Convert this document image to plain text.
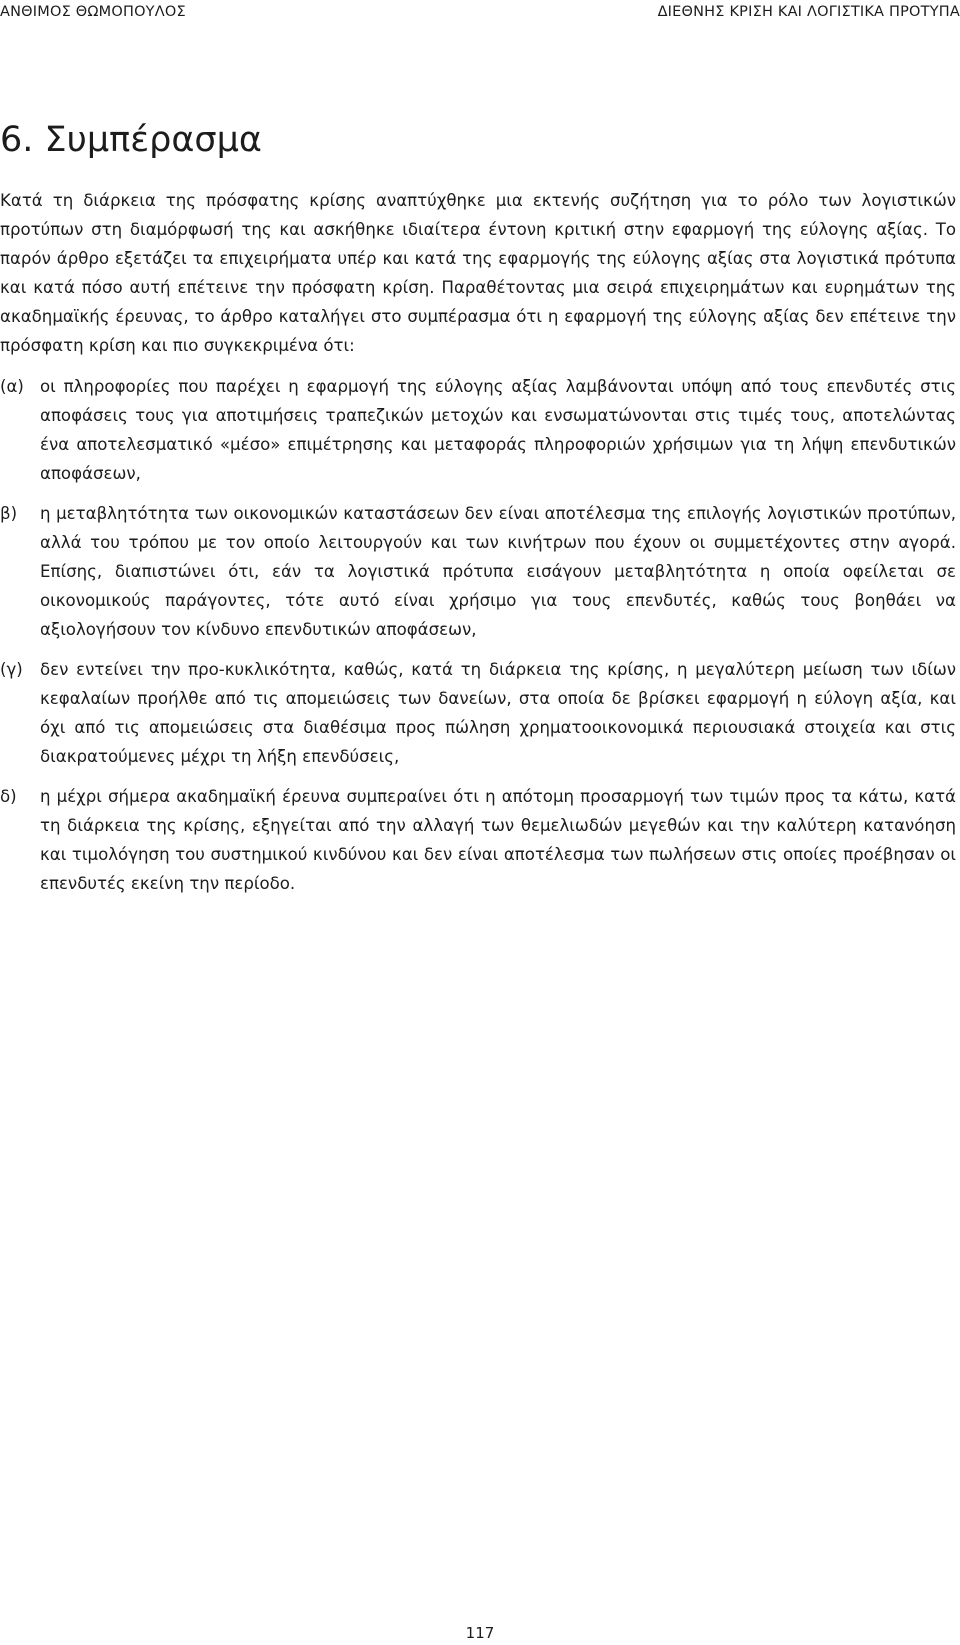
ΑΝΘΙΜΟΣ ΘΩΜΟΠΟΥΛΟΣ	ΔΙΕΘΝΗΣ ΚΡΙΣΗ ΚΑΙ ΛΟΓΙΣΤΙΚΑ ΠΡΟΤΥΠΑ
6. Συμπέρασμα

Κατά τη διάρκεια της πρόσφατης κρίσης αναπτύχθηκε μια εκτενής συζήτηση για το ρόλο των λογιστικών προτύπων στη διαμόρφωσή της και ασκήθηκε ιδιαίτερα έντονη κριτική στην εφαρμογή της εύλογης αξίας. Το παρόν άρθρο εξετάζει τα επιχειρήματα υπέρ και κατά της εφαρμογής της εύλογης αξίας στα λογιστικά πρότυπα και κατά πόσο αυτή επέτεινε την πρόσφατη κρίση. Παραθέτοντας μια σειρά επιχειρημάτων και ευρημάτων της ακαδημαϊκής έρευνας, το άρθρο καταλήγει στο συμπέρασμα ότι η εφαρμογή της εύλογης αξίας δεν επέτεινε την πρόσφατη κρίση και πιο συγκεκριμένα ότι:

(α) οι πληροφορίες που παρέχει η εφαρμογή της εύλογης αξίας λαμβάνονται υπόψη από τους επενδυτές στις αποφάσεις τους για αποτιμήσεις τραπεζικών μετοχών και ενσωματώνονται στις τιμές τους, αποτελώντας ένα αποτελεσματικό «μέσο» επιμέτρησης και μεταφοράς πληροφοριών χρήσιμων για τη λήψη επενδυτικών αποφάσεων,
β)	η μεταβλητότητα των οικονομικών καταστάσεων δεν είναι αποτέλεσμα της επιλογής λογιστικών προτύπων, αλλά του τρόπου με τον οποίο λειτουργούν και των κινήτρων που έχουν οι συμμετέχοντες στην αγορά. Επίσης, διαπιστώνει ότι, εάν τα λογιστικά πρότυπα εισάγουν μεταβλητότητα η οποία οφείλεται σε οικονομικούς παράγοντες, τότε αυτό είναι χρήσιμο για τους επενδυτές, καθώς τους βοηθάει να αξιολογήσουν τον κίνδυνο επενδυτικών αποφάσεων,
(γ)	δεν εντείνει την προ-κυκλικότητα, καθώς, κατά τη διάρκεια της κρίσης, η μεγαλύτερη μείωση των ιδίων κεφαλαίων προήλθε από τις απομειώσεις των δανείων, στα οποία δε βρίσκει εφαρμογή η εύλογη αξία, και όχι από τις απομειώσεις στα διαθέσιμα προς πώληση χρηματοοικονομικά περιουσιακά στοιχεία και στις διακρατούμενες μέχρι τη λήξη επενδύσεις,
δ)	η μέχρι σήμερα ακαδημαϊκή έρευνα συμπεραίνει ότι η απότομη προσαρμογή των τιμών προς τα κάτω, κατά τη διάρκεια της κρίσης, εξηγείται από την αλλαγή των θεμελιωδών μεγεθών και την καλύτερη κατανόηση και τιμολόγηση του συστημικού κινδύνου και δεν είναι αποτέλεσμα των πωλήσεων στις οποίες προέβησαν οι επενδυτές εκείνη την περίοδο.
117
